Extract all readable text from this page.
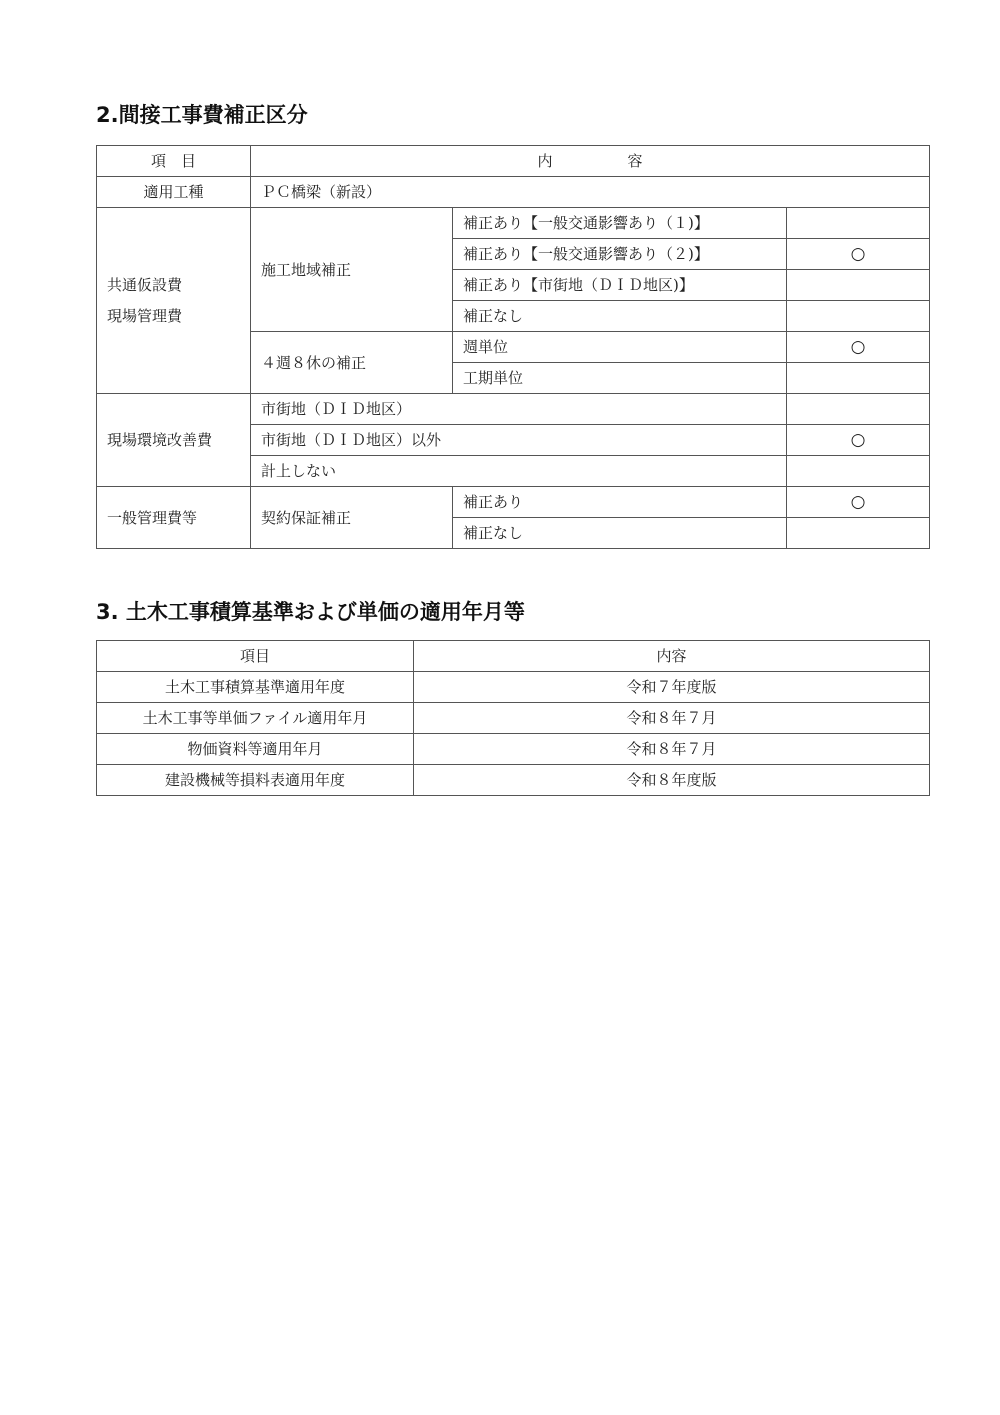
2.間接工事費補正区分
項　目	内　　　　　容		
適用工種	ＰＣ橋梁（新設）		

共通仮設費
現場管理費	施工地域補正	補正あり【一般交通影響あり（１)】	
		補正あり【一般交通影響あり（２)】	○
		補正あり【市街地（ＤＩＤ地区)】	
		補正なし	
	４週８休の補正	週単位	○
		工期単位	
現場環境改善費	市街地（ＤＩＤ地区）		
	市街地（ＤＩＤ地区）以外		○
	計上しない		
一般管理費等	契約保証補正	補正あり	○
		補正なし	
3. 土木工事積算基準および単価の適用年月等
項目	内容
土木工事積算基準適用年度	令和７年度版
土木工事等単価ファイル適用年月	令和８年７月
物価資料等適用年月	令和８年７月
建設機械等損料表適用年度	令和８年度版
